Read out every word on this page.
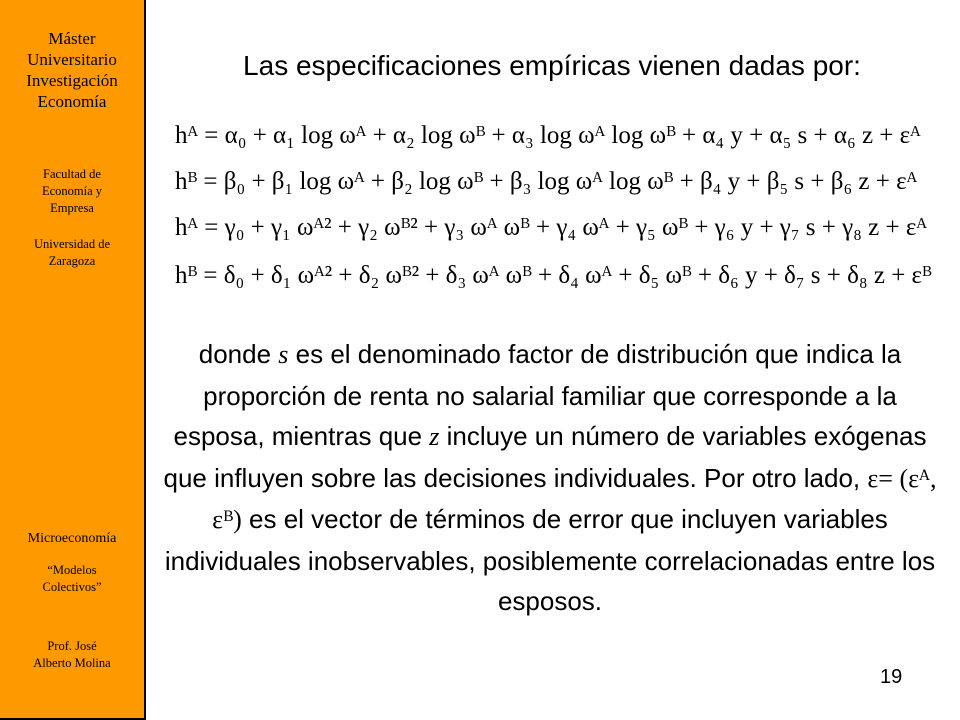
Máster
Universitario
Investigación
Economía
Facultad de
Economía y
Empresa
Universidad de
Zaragoza
Microeconomía
“Modelos
Colectivos”
Prof. José
Alberto Molina
Las especificaciones empíricas vienen dadas por:
hᴬ = α₀ + α₁ log ωᴬ + α₂ log ωᴮ + α₃ log ωᴬ log ωᴮ + α₄ y + α₅ s + α₆ z + εᴬ
hᴮ = β₀ + β₁ log ωᴬ + β₂ log ωᴮ + β₃ log ωᴬ log ωᴮ + β₄ y + β₅ s + β₆ z + εᴬ
hᴬ = γ₀ + γ₁ ωᴬ² + γ₂ ωᴮ² + γ₃ ωᴬ ωᴮ + γ₄ ωᴬ + γ₅ ωᴮ + γ₆ y + γ₇ s + γ₈ z + εᴬ
hᴮ = δ₀ + δ₁ ωᴬ² + δ₂ ωᴮ² + δ₃ ωᴬ ωᴮ + δ₄ ωᴬ + δ₅ ωᴮ + δ₆ y + δ₇ s + δ₈ z + εᴮ
donde s es el denominado factor de distribución que indica la proporción de renta no salarial familiar que corresponde a la esposa, mientras que z incluye un número de variables exógenas que influyen sobre las decisiones individuales. Por otro lado, ε= (εᴬ, εᴮ) es el vector de términos de error que incluyen variables individuales inobservables, posiblemente correlacionadas entre los esposos.
19
